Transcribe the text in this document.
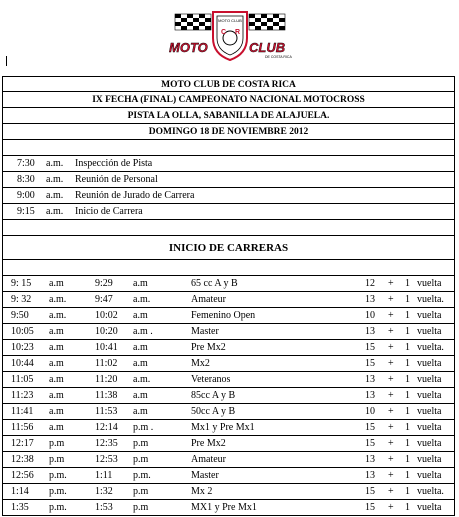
MOTO CLUB
C R
MOTO	CLUB
DE COSTA RICA
MOTO CLUB DE COSTA RICA
IX FECHA (FINAL) CAMPEONATO NACIONAL MOTOCROSS
PISTA LA OLLA, SABANILLA DE ALAJUELA.
DOMINGO 18 DE NOVIEMBRE 2012
7:30 a.m. Inspección de Pista
8:30 a.m. Reunión de Personal
9:00 a.m. Reunión de Jurado de Carrera
9:15 a.m. Inicio de Carrera
INICIO DE CARRERAS
9: 15 a.m	9:29 a.m	65 cc A y B	12 + 1 vuelta
9: 32 a.m.	9:47 a.m.	Amateur	13 + 1 vuelta.
9:50 a.m.	10:02 a.m	Femenino Open	10 + 1 vuelta
10:05 a.m	10:20 a.m .	Master	13 + 1 vuelta
10:23 a.m	10:41 a.m	Pre Mx2	15 + 1 vuelta.
10:44 a.m	11:02 a.m	Mx2	15 + 1 vuelta
11:05 a.m	11:20 a.m.	Veteranos	13 + 1 vuelta
11:23 a.m	11:38 a.m	85cc A y B	13 + 1 vuelta
11:41 a.m	11:53 a.m	50cc A y B	10 + 1 vuelta
11:56 a.m	12:14 p.m .	Mx1 y Pre Mx1	15 + 1 vuelta
12:17 p.m	12:35 p.m	Pre Mx2	15 + 1 vuelta
12:38 p.m	12:53 p.m	Amateur	13 + 1 vuelta
12:56 p.m.	1:11 p.m.	Master	13 + 1 vuelta
1:14 p.m.	1:32 p.m	Mx 2	15 + 1 vuelta.
1:35 p.m.	1:53 p.m	MX1 y Pre Mx1	15 + 1 vuelta
